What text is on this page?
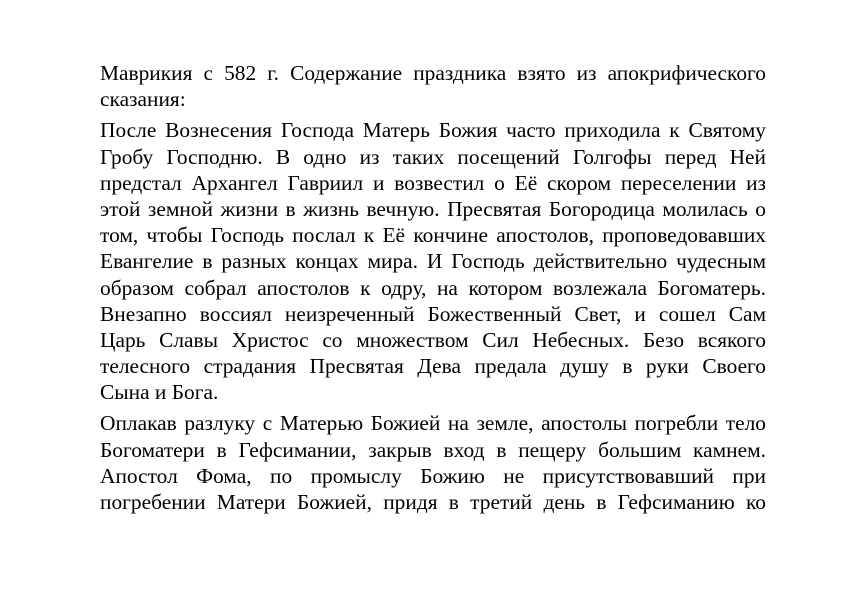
Маврикия с 582 г. Содержание праздника взято из апокрифического
сказания:
После Вознесения Господа Матерь Божия часто приходила к Святому
Гробу Господню. В одно из таких посещений Голгофы перед Ней
предстал Архангел Гавриил и возвестил о Её скором переселении из
этой земной жизни в жизнь вечную. Пресвятая Богородица молилась о
том, чтобы Господь послал к Её кончине апостолов, проповедовавших
Евангелие в разных концах мира. И Господь действительно чудесным
образом собрал апостолов к одру, на котором возлежала Богоматерь.
Внезапно воссиял неизреченный Божественный Свет, и сошел Сам
Царь Славы Христос со множеством Сил Небесных. Безо всякого
телесного страдания Пресвятая Дева предала душу в руки Своего
Сына и Бога.
Оплакав разлуку с Матерью Божией на земле, апостолы погребли тело
Богоматери в Гефсимании, закрыв вход в пещеру большим камнем.
Апостол Фома, по промыслу Божию не присутствовавший при
погребении Матери Божией, придя в третий день в Гефсиманию ко
